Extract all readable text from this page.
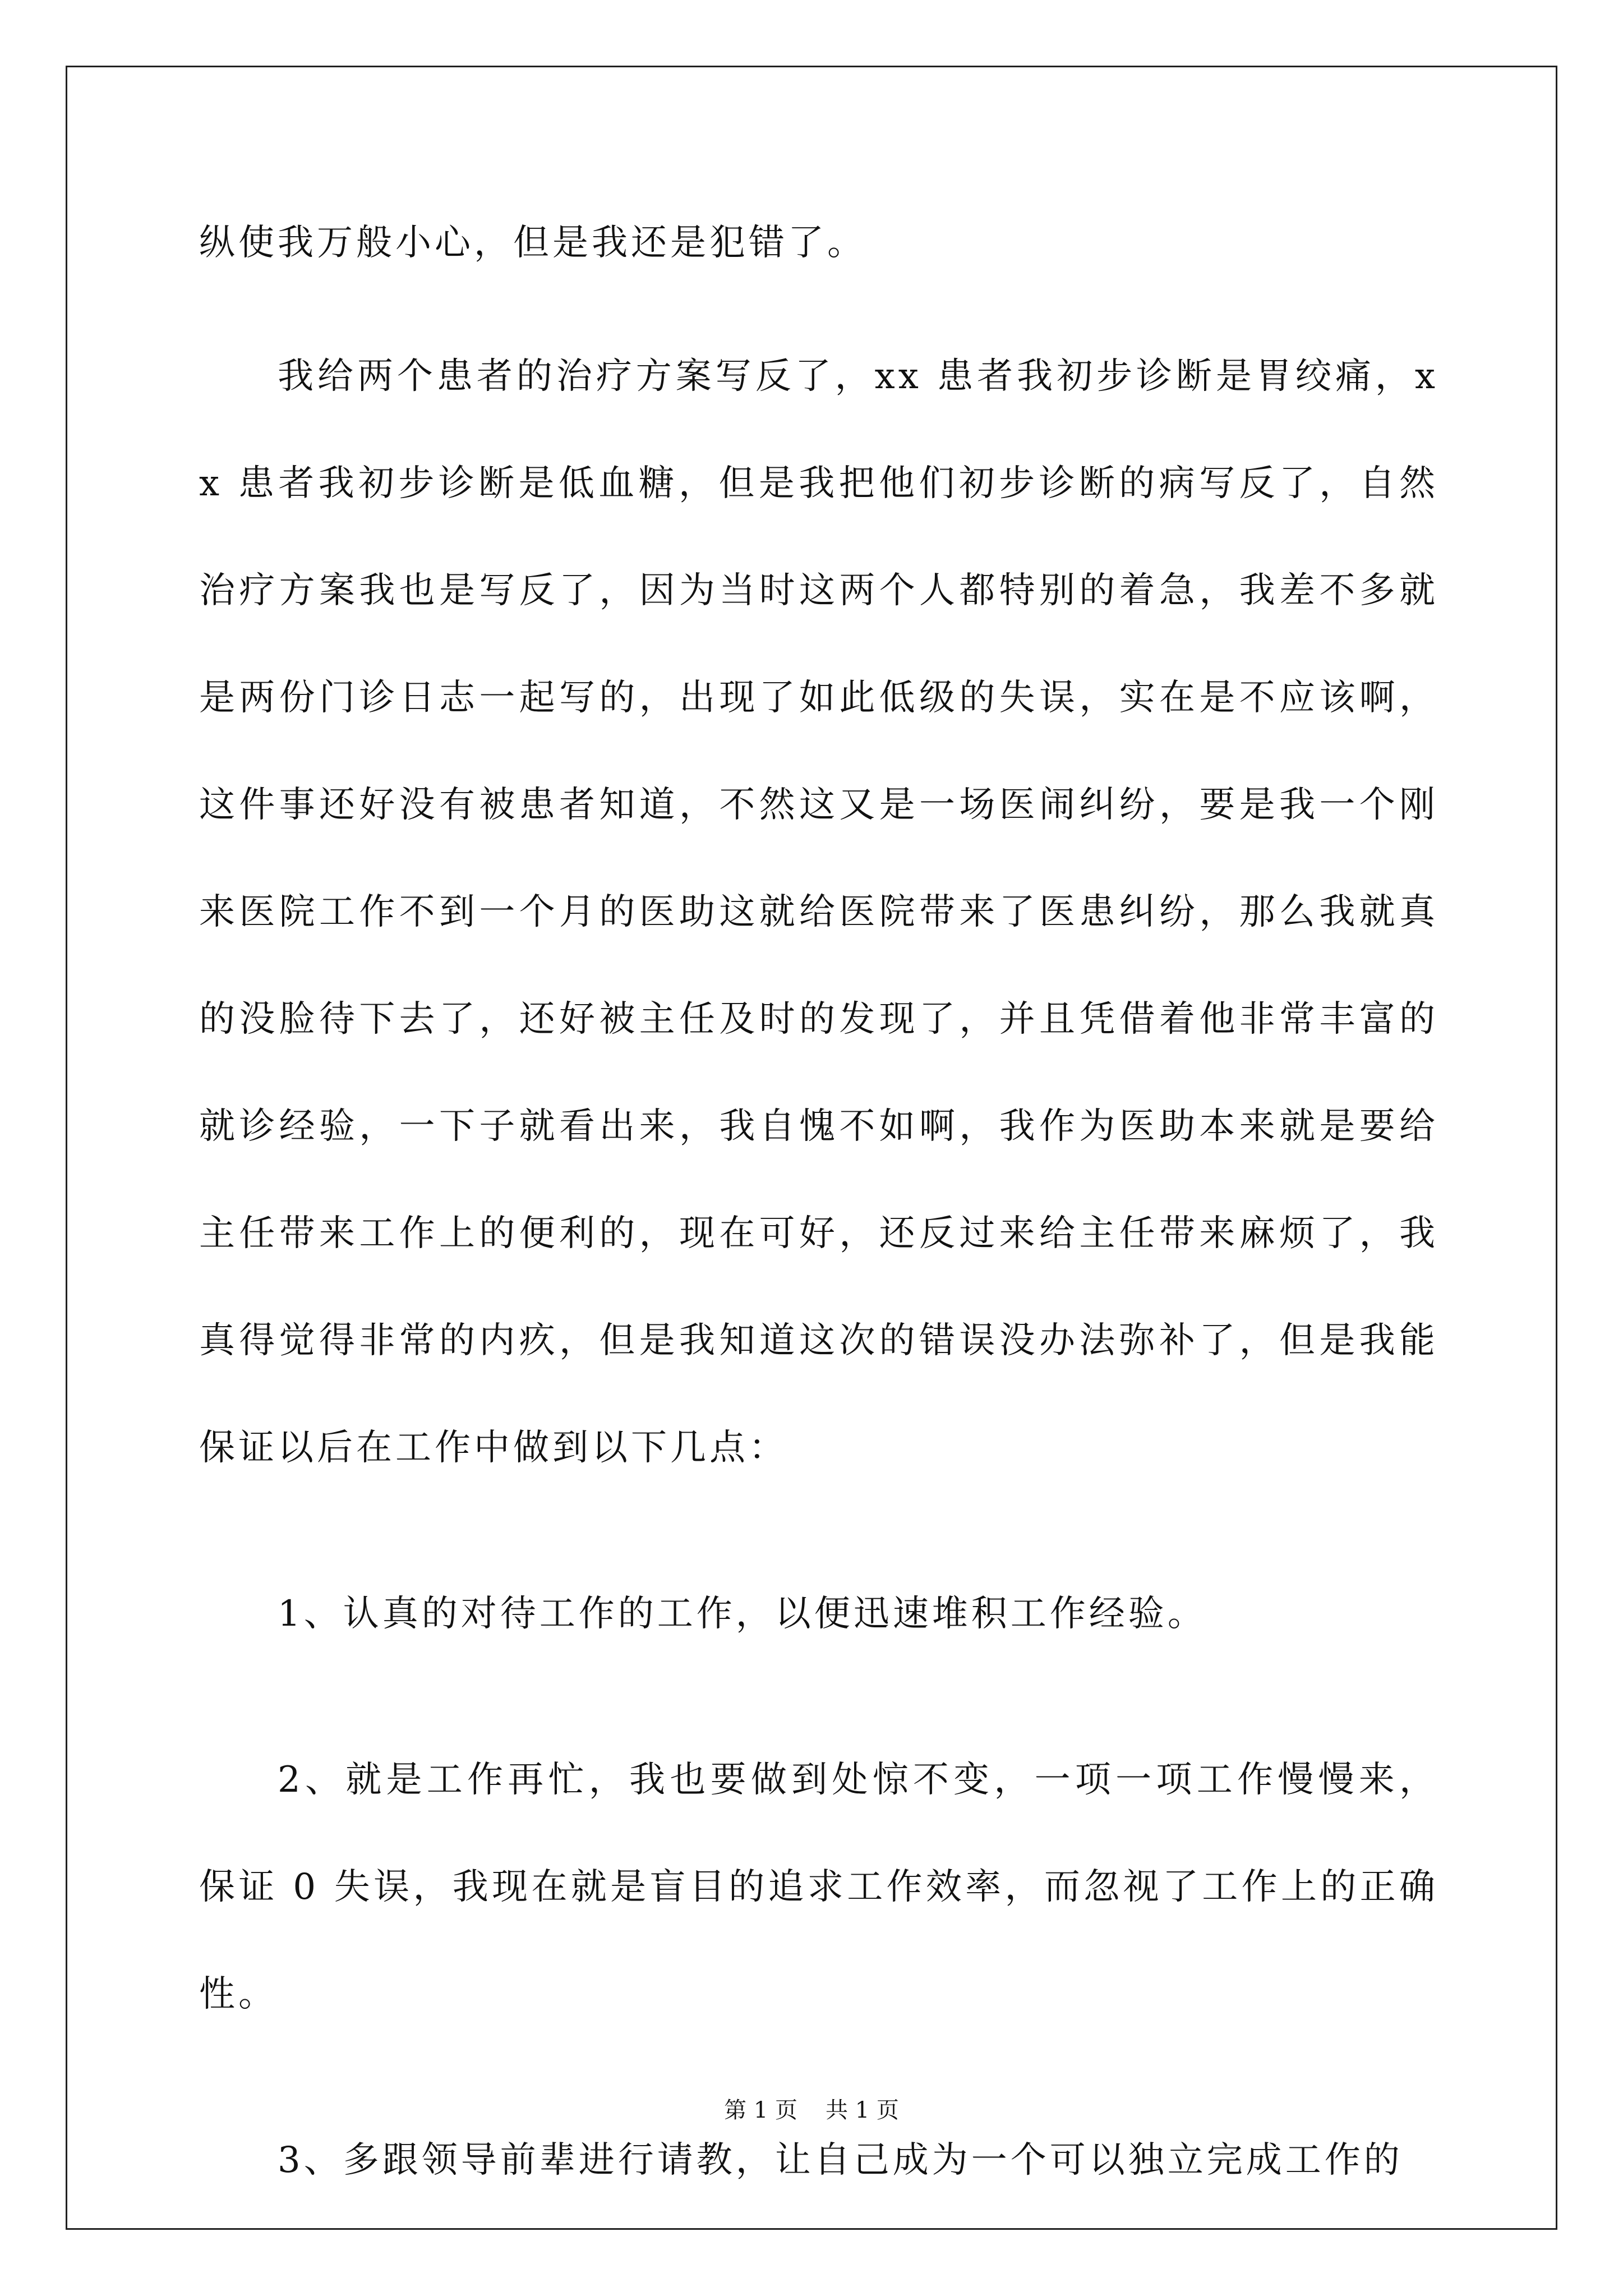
纵使我万般小心，但是我还是犯错了。

我给两个患者的治疗方案写反了，xx 患者我初步诊断是胃绞痛，xx 患者我初步诊断是低血糖，但是我把他们初步诊断的病写反了，自然治疗方案我也是写反了，因为当时这两个人都特别的着急，我差不多就是两份门诊日志一起写的，出现了如此低级的失误，实在是不应该啊，这件事还好没有被患者知道，不然这又是一场医闹纠纷，要是我一个刚来医院工作不到一个月的医助这就给医院带来了医患纠纷，那么我就真的没脸待下去了，还好被主任及时的发现了，并且凭借着他非常丰富的就诊经验，一下子就看出来，我自愧不如啊，我作为医助本来就是要给主任带来工作上的便利的，现在可好，还反过来给主任带来麻烦了，我真得觉得非常的内疚，但是我知道这次的错误没办法弥补了，但是我能保证以后在工作中做到以下几点：

1、认真的对待工作的工作，以便迅速堆积工作经验。

2、就是工作再忙，我也要做到处惊不变，一项一项工作慢慢来，保证 0 失误，我现在就是盲目的追求工作效率，而忽视了工作上的正确性。

3、多跟领导前辈进行请教，让自己成为一个可以独立完成工作的

第 1 页 共 1 页
